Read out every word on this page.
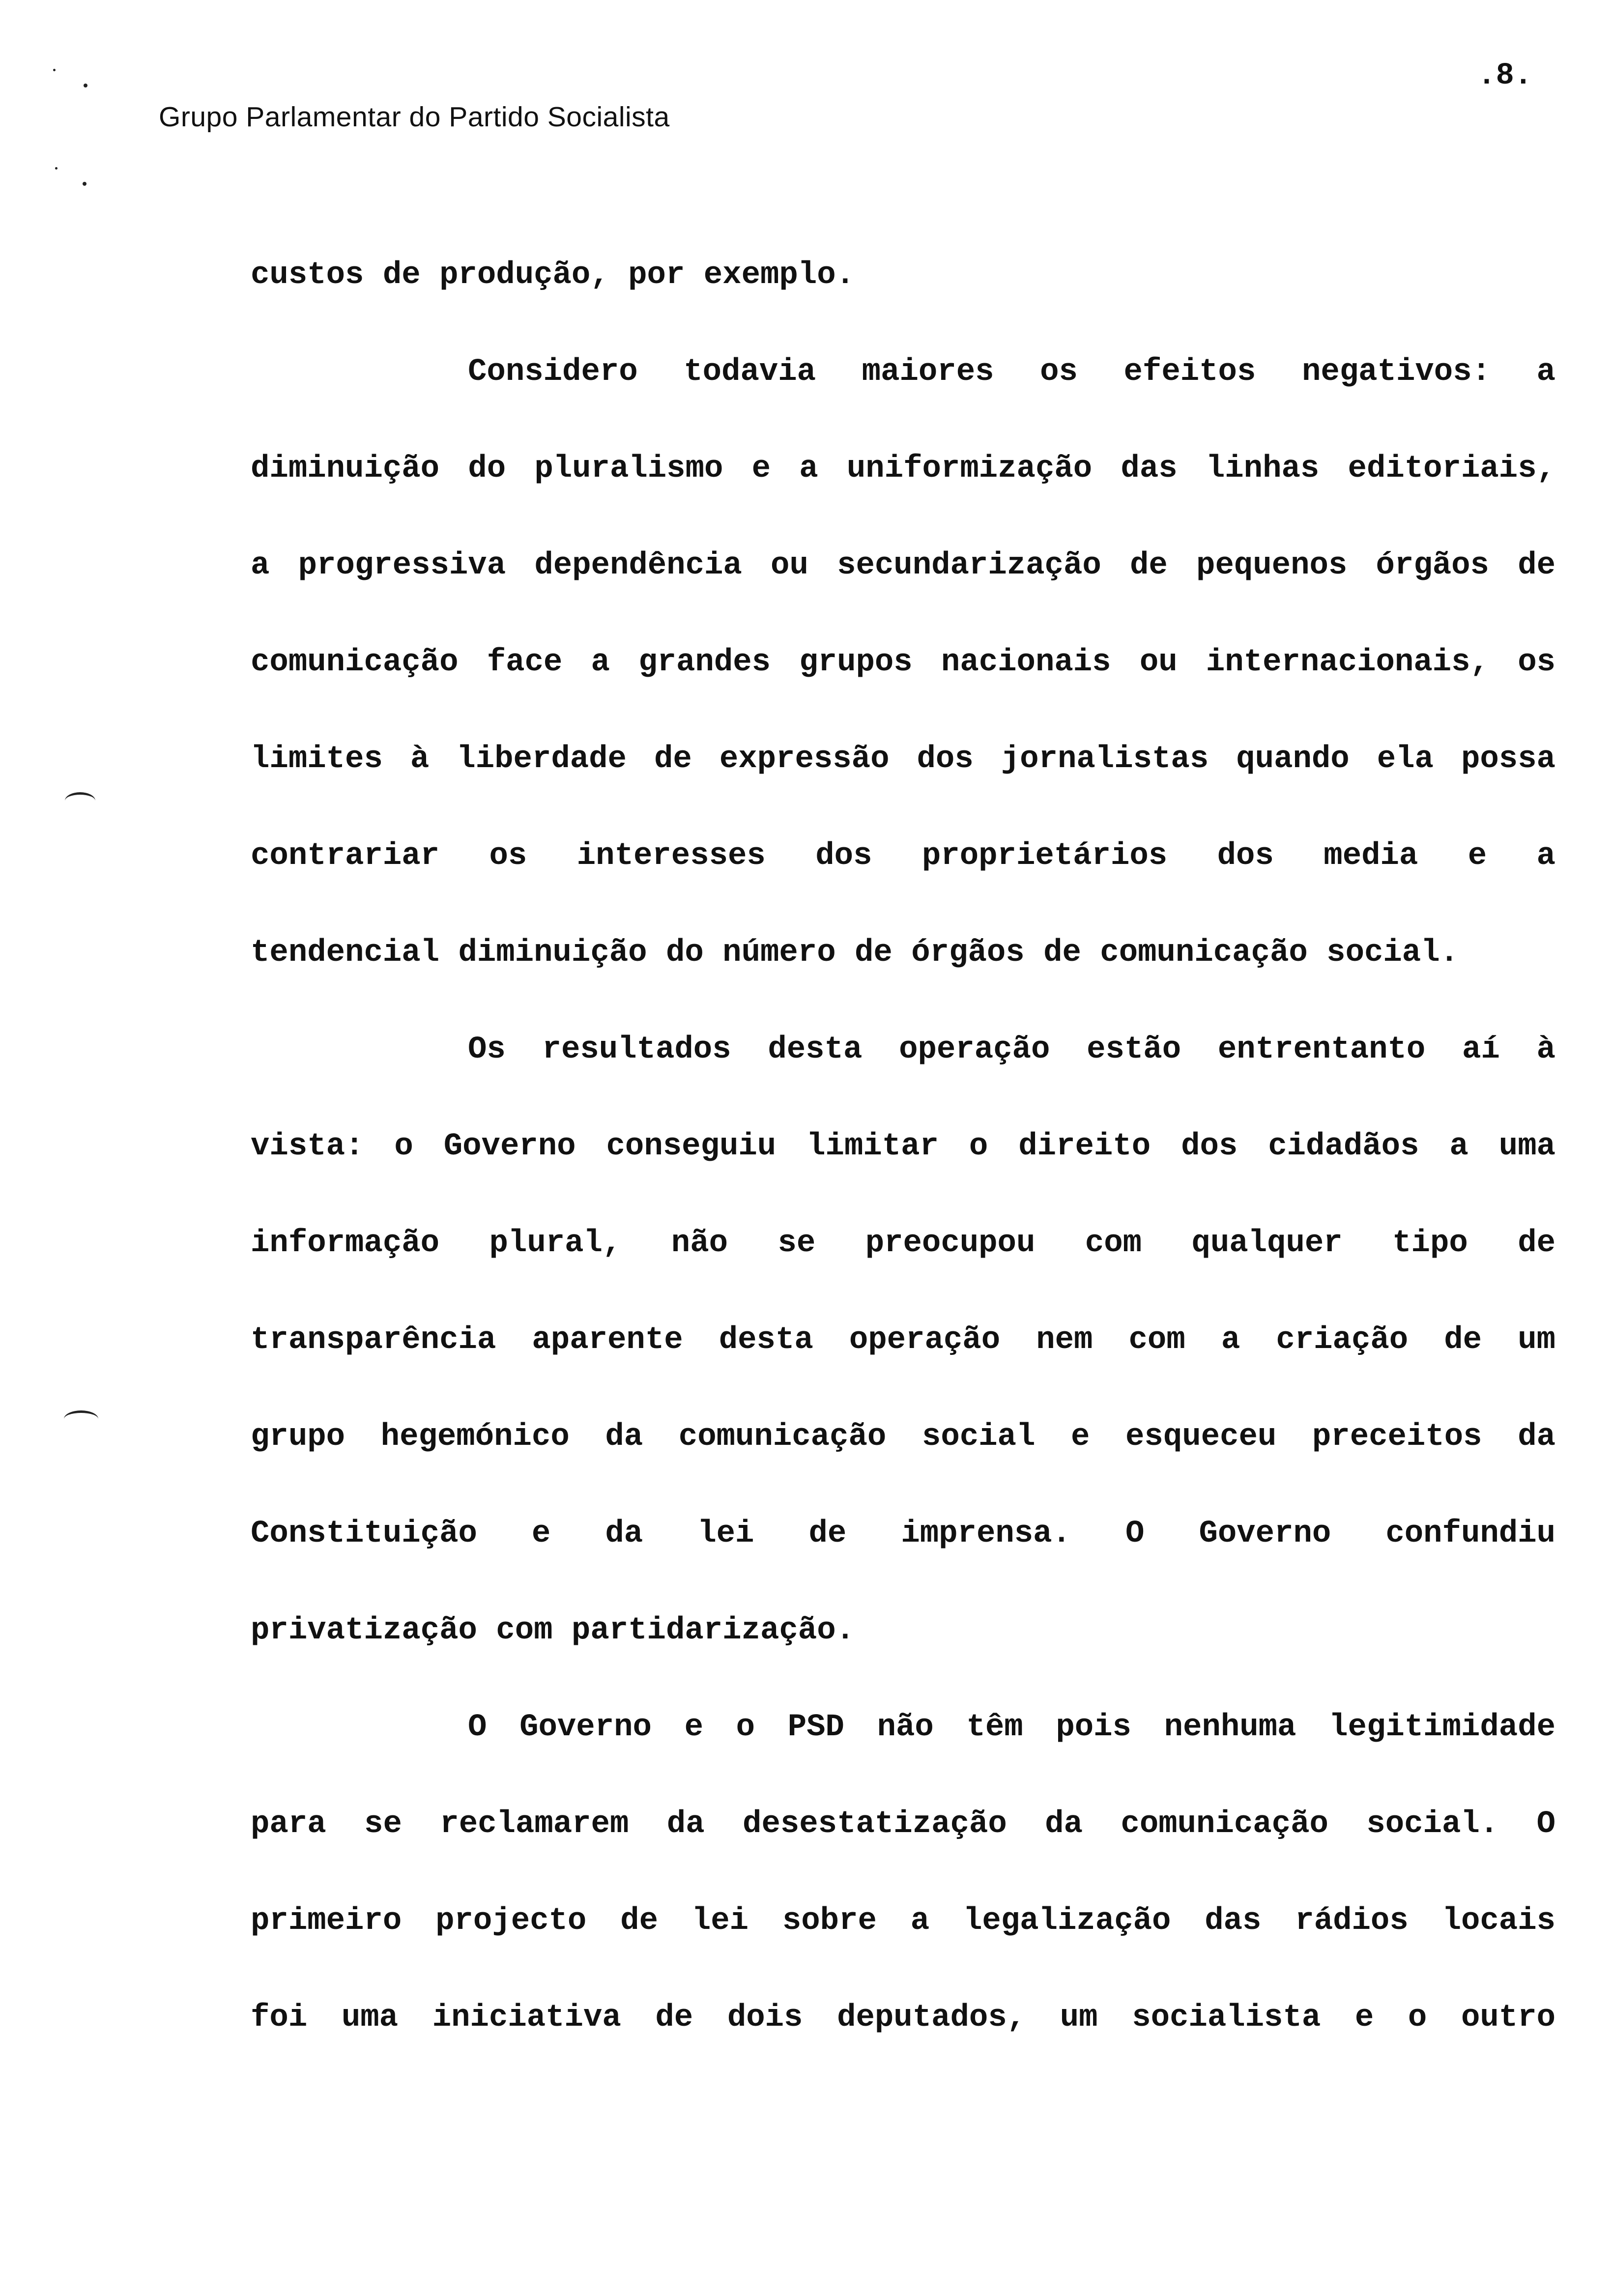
Grupo Parlamentar do Partido Socialista
.8.
custos de produção, por exemplo.
Considero todavia maiores os efeitos negativos: a
diminuição do pluralismo e a uniformização das linhas editoriais,
a progressiva dependência ou secundarização de pequenos órgãos de
comunicação face a grandes grupos nacionais ou internacionais, os
limites à liberdade de expressão dos jornalistas quando ela possa
contrariar os interesses dos proprietários dos media e a
tendencial diminuição do número de órgãos de comunicação social.
Os resultados desta operação estão entrentanto aí à
vista: o Governo conseguiu limitar o direito dos cidadãos a uma
informação plural, não se preocupou com qualquer tipo de
transparência aparente desta operação nem com a criação de um
grupo hegemónico da comunicação social e esqueceu preceitos da
Constituição e da lei de imprensa. O Governo confundiu
privatização com partidarização.
O Governo e o PSD não têm pois nenhuma legitimidade
para se reclamarem da desestatização da comunicação social. O
primeiro projecto de lei sobre a legalização das rádios locais
foi uma iniciativa de dois deputados, um socialista e o outro
